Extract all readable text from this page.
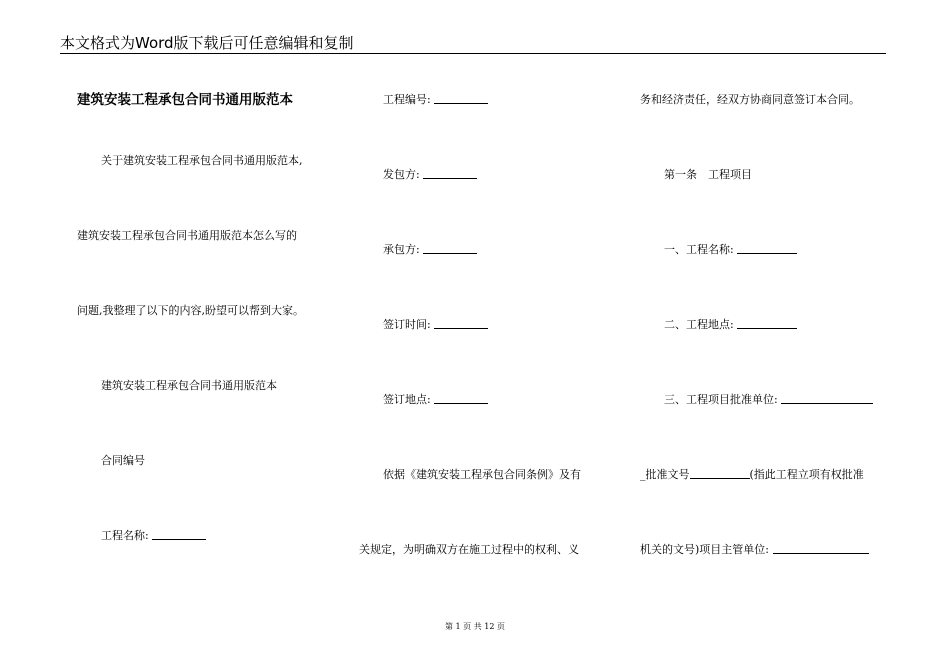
本文格式为Word版下载后可任意编辑和复制
建筑安装工程承包合同书通用版范本
关于建筑安装工程承包合同书通用版范本,
建筑安装工程承包合同书通用版范本怎么写的
问题,我整理了以下的内容,盼望可以帮到大家。
建筑安装工程承包合同书通用版范本
合同编号
工程名称:
工程编号:
发包方:
承包方:
签订时间:
签订地点:
依据《建筑安装工程承包合同条例》及有
关规定，为明确双方在施工过程中的权利、义
务和经济责任，经双方协商同意签订本合同。
第一条　工程项目
一、工程名称:
二、工程地点:
三、工程项目批准单位:
_批准文号	(指此工程立项有权批准
机关的文号)项目主管单位:
第 1 页 共 12 页
